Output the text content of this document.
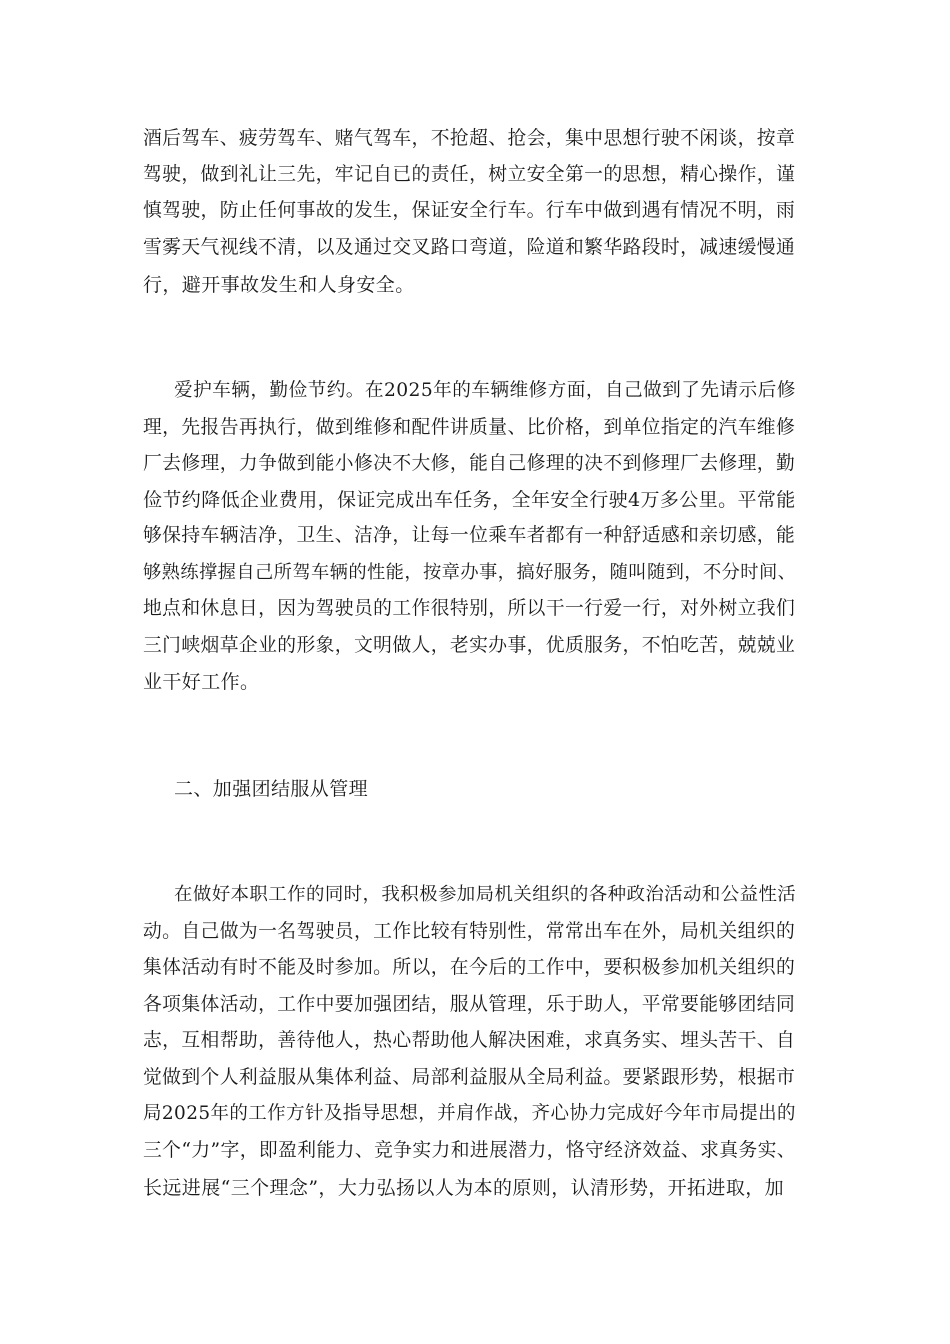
酒后驾车、疲劳驾车、赌气驾车，不抢超、抢会，集中思想行驶不闲谈，按章

驾驶，做到礼让三先，牢记自已的责任，树立安全第一的思想，精心操作，谨

慎驾驶，防止任何事故的发生，保证安全行车。行车中做到遇有情况不明，雨

雪雾天气视线不清，以及通过交叉路口弯道，险道和繁华路段时，减速缓慢通

行，避开事故发生和人身安全。

爱护车辆，勤俭节约。在2025年的车辆维修方面，自己做到了先请示后修

理，先报告再执行，做到维修和配件讲质量、比价格，到单位指定的汽车维修

厂去修理，力争做到能小修决不大修，能自己修理的决不到修理厂去修理，勤

俭节约降低企业费用，保证完成出车任务，全年安全行驶4万多公里。平常能

够保持车辆洁净，卫生、洁净，让每一位乘车者都有一种舒适感和亲切感，能

够熟练撑握自己所驾车辆的性能，按章办事，搞好服务，随叫随到，不分时间、

地点和休息日，因为驾驶员的工作很特别，所以干一行爱一行，对外树立我们

三门峡烟草企业的形象，文明做人，老实办事，优质服务，不怕吃苦，兢兢业

业干好工作。

二、加强团结服从管理

在做好本职工作的同时，我积极参加局机关组织的各种政治活动和公益性活

动。自己做为一名驾驶员，工作比较有特别性，常常出车在外，局机关组织的

集体活动有时不能及时参加。所以，在今后的工作中，要积极参加机关组织的

各项集体活动，工作中要加强团结，服从管理，乐于助人，平常要能够团结同

志，互相帮助，善待他人，热心帮助他人解决困难，求真务实、埋头苦干、自

觉做到个人利益服从集体利益、局部利益服从全局利益。要紧跟形势，根据市

局2025年的工作方针及指导思想，并肩作战，齐心协力完成好今年市局提出的

三个“力”字，即盈利能力、竞争实力和进展潜力，恪守经济效益、求真务实、

长远进展“三个理念”，大力弘扬以人为本的原则，认清形势，开拓进取，加
